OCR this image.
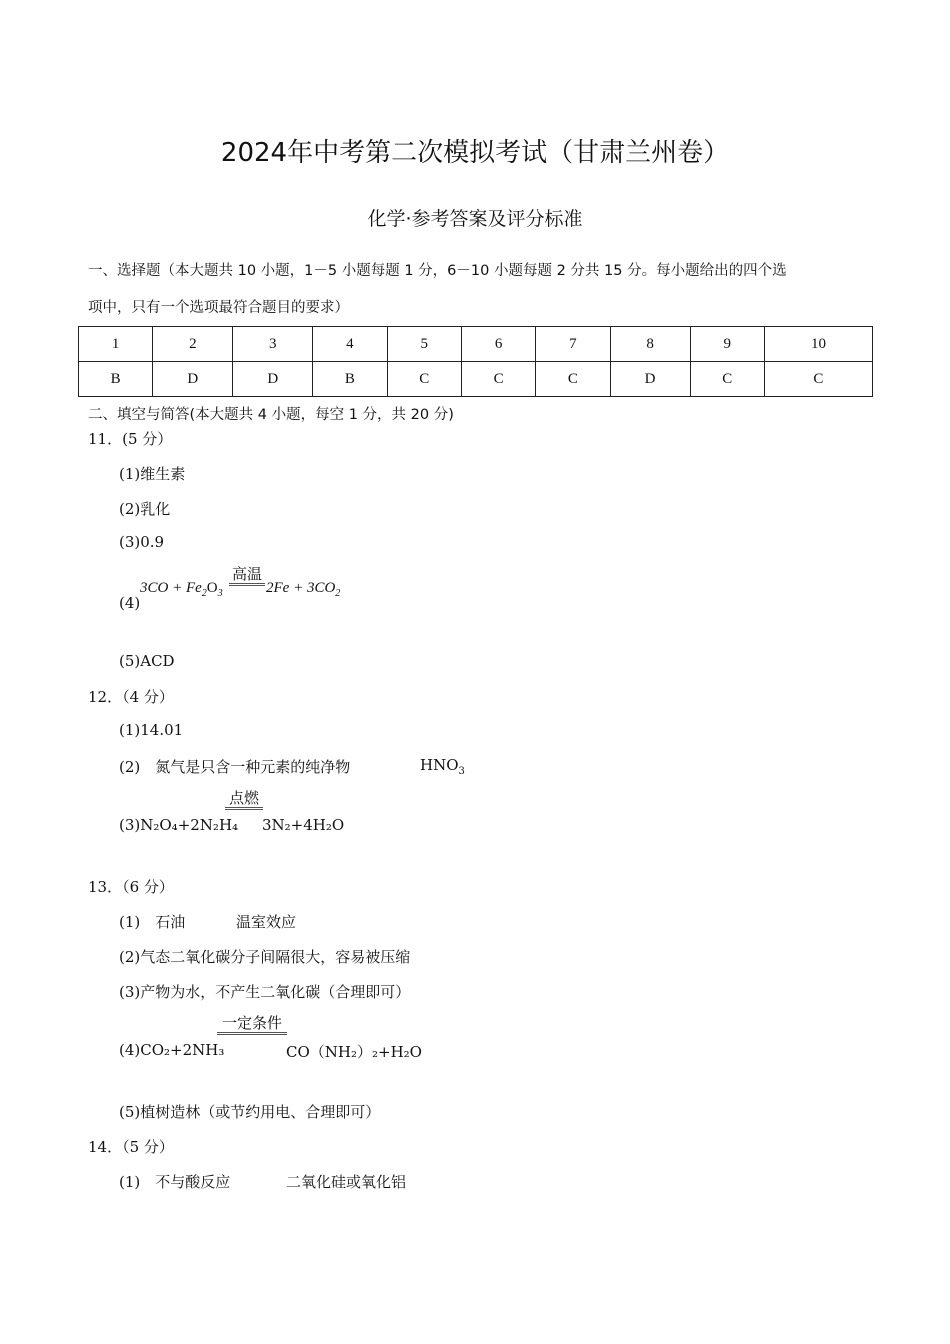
2024年中考第二次模拟考试（甘肃兰州卷）
化学·参考答案及评分标准
一、选择题（本大题共 10 小题，1－5 小题每题 1 分，6－10 小题每题 2 分共 15 分。每小题给出的四个选
项中，只有一个选项最符合题目的要求）
1	2	3	4	5	6	7	8	9	10
B	D	D	B	C	C	C	D	C	C
二、填空与简答(本大题共 4 小题，每空 1 分，共 20 分)
11．(5 分）
(1)维生素
(2)乳化
(3)0.9
(4)
$3CO + Fe_2O_3$
高温
$2Fe + 3CO_2$
(5)ACD
12．（4 分）
(1)14.01
(2)　氮气是只含一种元素的纯净物	$HNO_3$
点燃
(3)N₂O₄+2N₂H₄ 3N₂+4H₂O
13．（6 分）
(1)　石油	温室效应
(2)气态二氧化碳分子间隔很大，容易被压缩
(3)产物为水，不产生二氧化碳（合理即可）
一定条件
(4)CO₂+2NH₃	CO（NH₂）₂+H₂O
(5)植树造林（或节约用电、合理即可）
14．（5 分）
(1)　不与酸反应	二氧化硅或氧化铝
